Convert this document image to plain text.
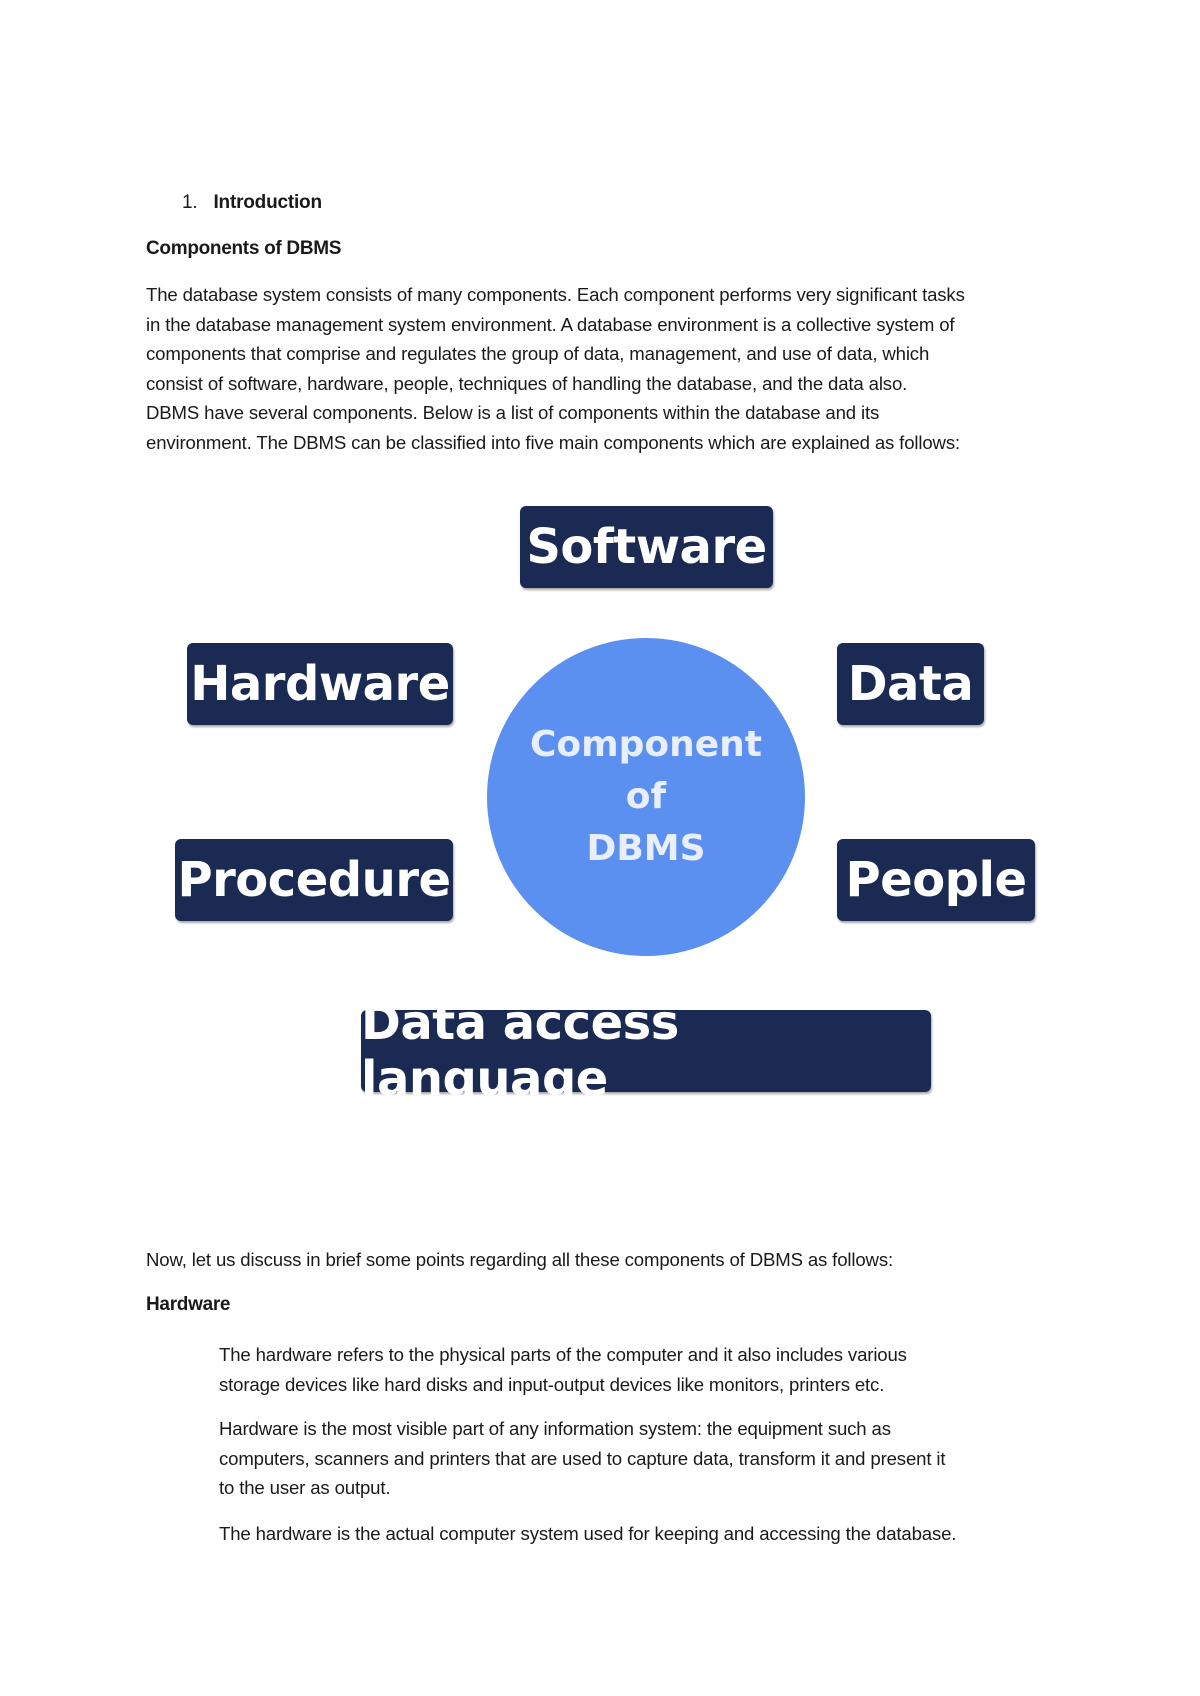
1. Introduction
Components of DBMS
The database system consists of many components. Each component performs very significant tasks
in the database management system environment. A database environment is a collective system of
components that comprise and regulates the group of data, management, and use of data, which
consist of software, hardware, people, techniques of handling the database, and the data also.
DBMS have several components. Below is a list of components within the database and its
environment. The DBMS can be classified into five main components which are explained as follows:
Software
Hardware	Data
Component
of
DBMS
Procedure	People
Data access language
Now, let us discuss in brief some points regarding all these components of DBMS as follows:
Hardware
The hardware refers to the physical parts of the computer and it also includes various
storage devices like hard disks and input-output devices like monitors, printers etc.
Hardware is the most visible part of any information system: the equipment such as
computers, scanners and printers that are used to capture data, transform it and present it
to the user as output.
The hardware is the actual computer system used for keeping and accessing the database.
